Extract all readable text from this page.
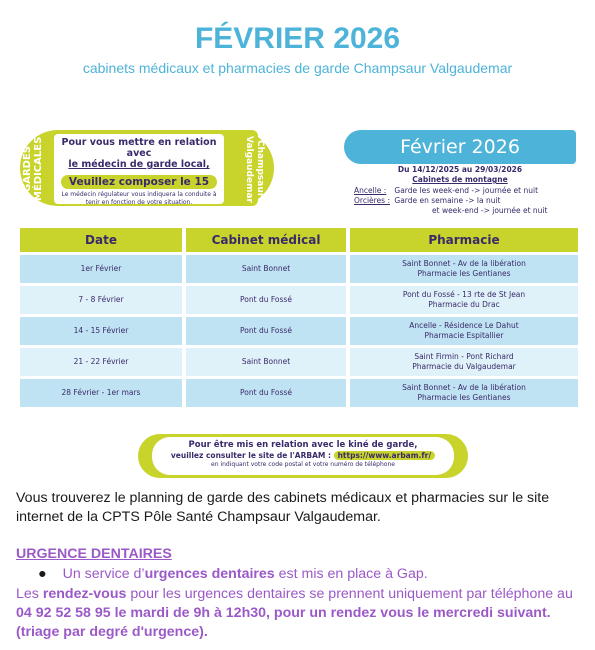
FÉVRIER 2026
cabinets médicaux et pharmacies de garde Champsaur Valgaudemar
GARDES MÉDICALES	Champsaur Valgaudemar
Pour vous mettre en relation avec
le médecin de garde local,
Veuillez composer le 15
Le médecin régulateur vous indiquera la conduite à tenir en fonction de votre situation.
Février 2026
Du 14/12/2025 au 29/03/2026
Cabinets de montagne
Ancelle : Garde les week-end -> journée et nuit
Orcières : Garde en semaine -> la nuit
et week-end -> journée et nuit
Date	Cabinet médical	Pharmacie
1er Février	Saint Bonnet
Saint Bonnet - Av de la libération
Pharmacie les Gentianes
7 - 8 Février	Pont du Fossé
Pont du Fossé - 13 rte de St Jean
Pharmacie du Drac
14 - 15 Février	Pont du Fossé
Ancelle - Résidence Le Dahut
Pharmacie Espitallier
21 - 22 Février	Saint Bonnet
Saint Firmin - Pont Richard
Pharmacie du Valgaudemar
28 Février - 1er mars	Pont du Fossé
Saint Bonnet - Av de la libération
Pharmacie les Gentianes
Pour être mis en relation avec le kiné de garde,
veuillez consulter le site de l'ARBAM : https://www.arbam.fr/
en indiquant votre code postal et votre numéro de téléphone
Vous trouverez le planning de garde des cabinets médicaux et pharmacies sur le site internet de la CPTS Pôle Santé Champsaur Valgaudemar.
URGENCE DENTAIRES
● Un service d’urgences dentaires est mis en place à Gap.
Les rendez-vous pour les urgences dentaires se prennent uniquement par téléphone au 04 92 52 58 95 le mardi de 9h à 12h30, pour un rendez vous le mercredi suivant. (triage par degré d'urgence).
